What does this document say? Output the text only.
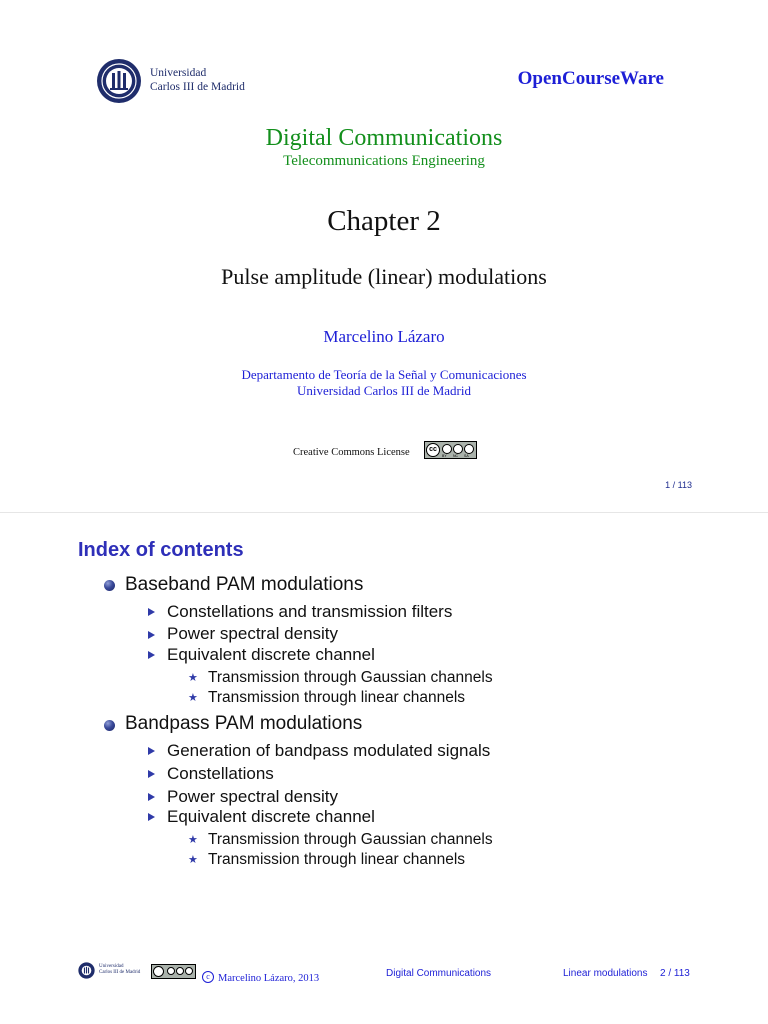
Universidad
Carlos III de Madrid	OpenCourseWare
Digital Communications
Telecommunications Engineering
Chapter 2
Pulse amplitude (linear) modulations
Marcelino Lázaro
Departamento de Teoría de la Señal y Comunicaciones
Universidad Carlos III de Madrid
Creative Commons License	cc
BY NC SA
1 / 113
Index of contents
Baseband PAM modulations
Constellations and transmission filters
Power spectral density
Equivalent discrete channel
★ Transmission through Gaussian channels
★ Transmission through linear channels
Bandpass PAM modulations
Generation of bandpass modulated signals
Constellations
Power spectral density
Equivalent discrete channel
★ Transmission through Gaussian channels
★ Transmission through linear channels
Universidad
Carlos III de Madrid	c Marcelino Lázaro, 2013	Digital Communications	Linear modulations 2 / 113
